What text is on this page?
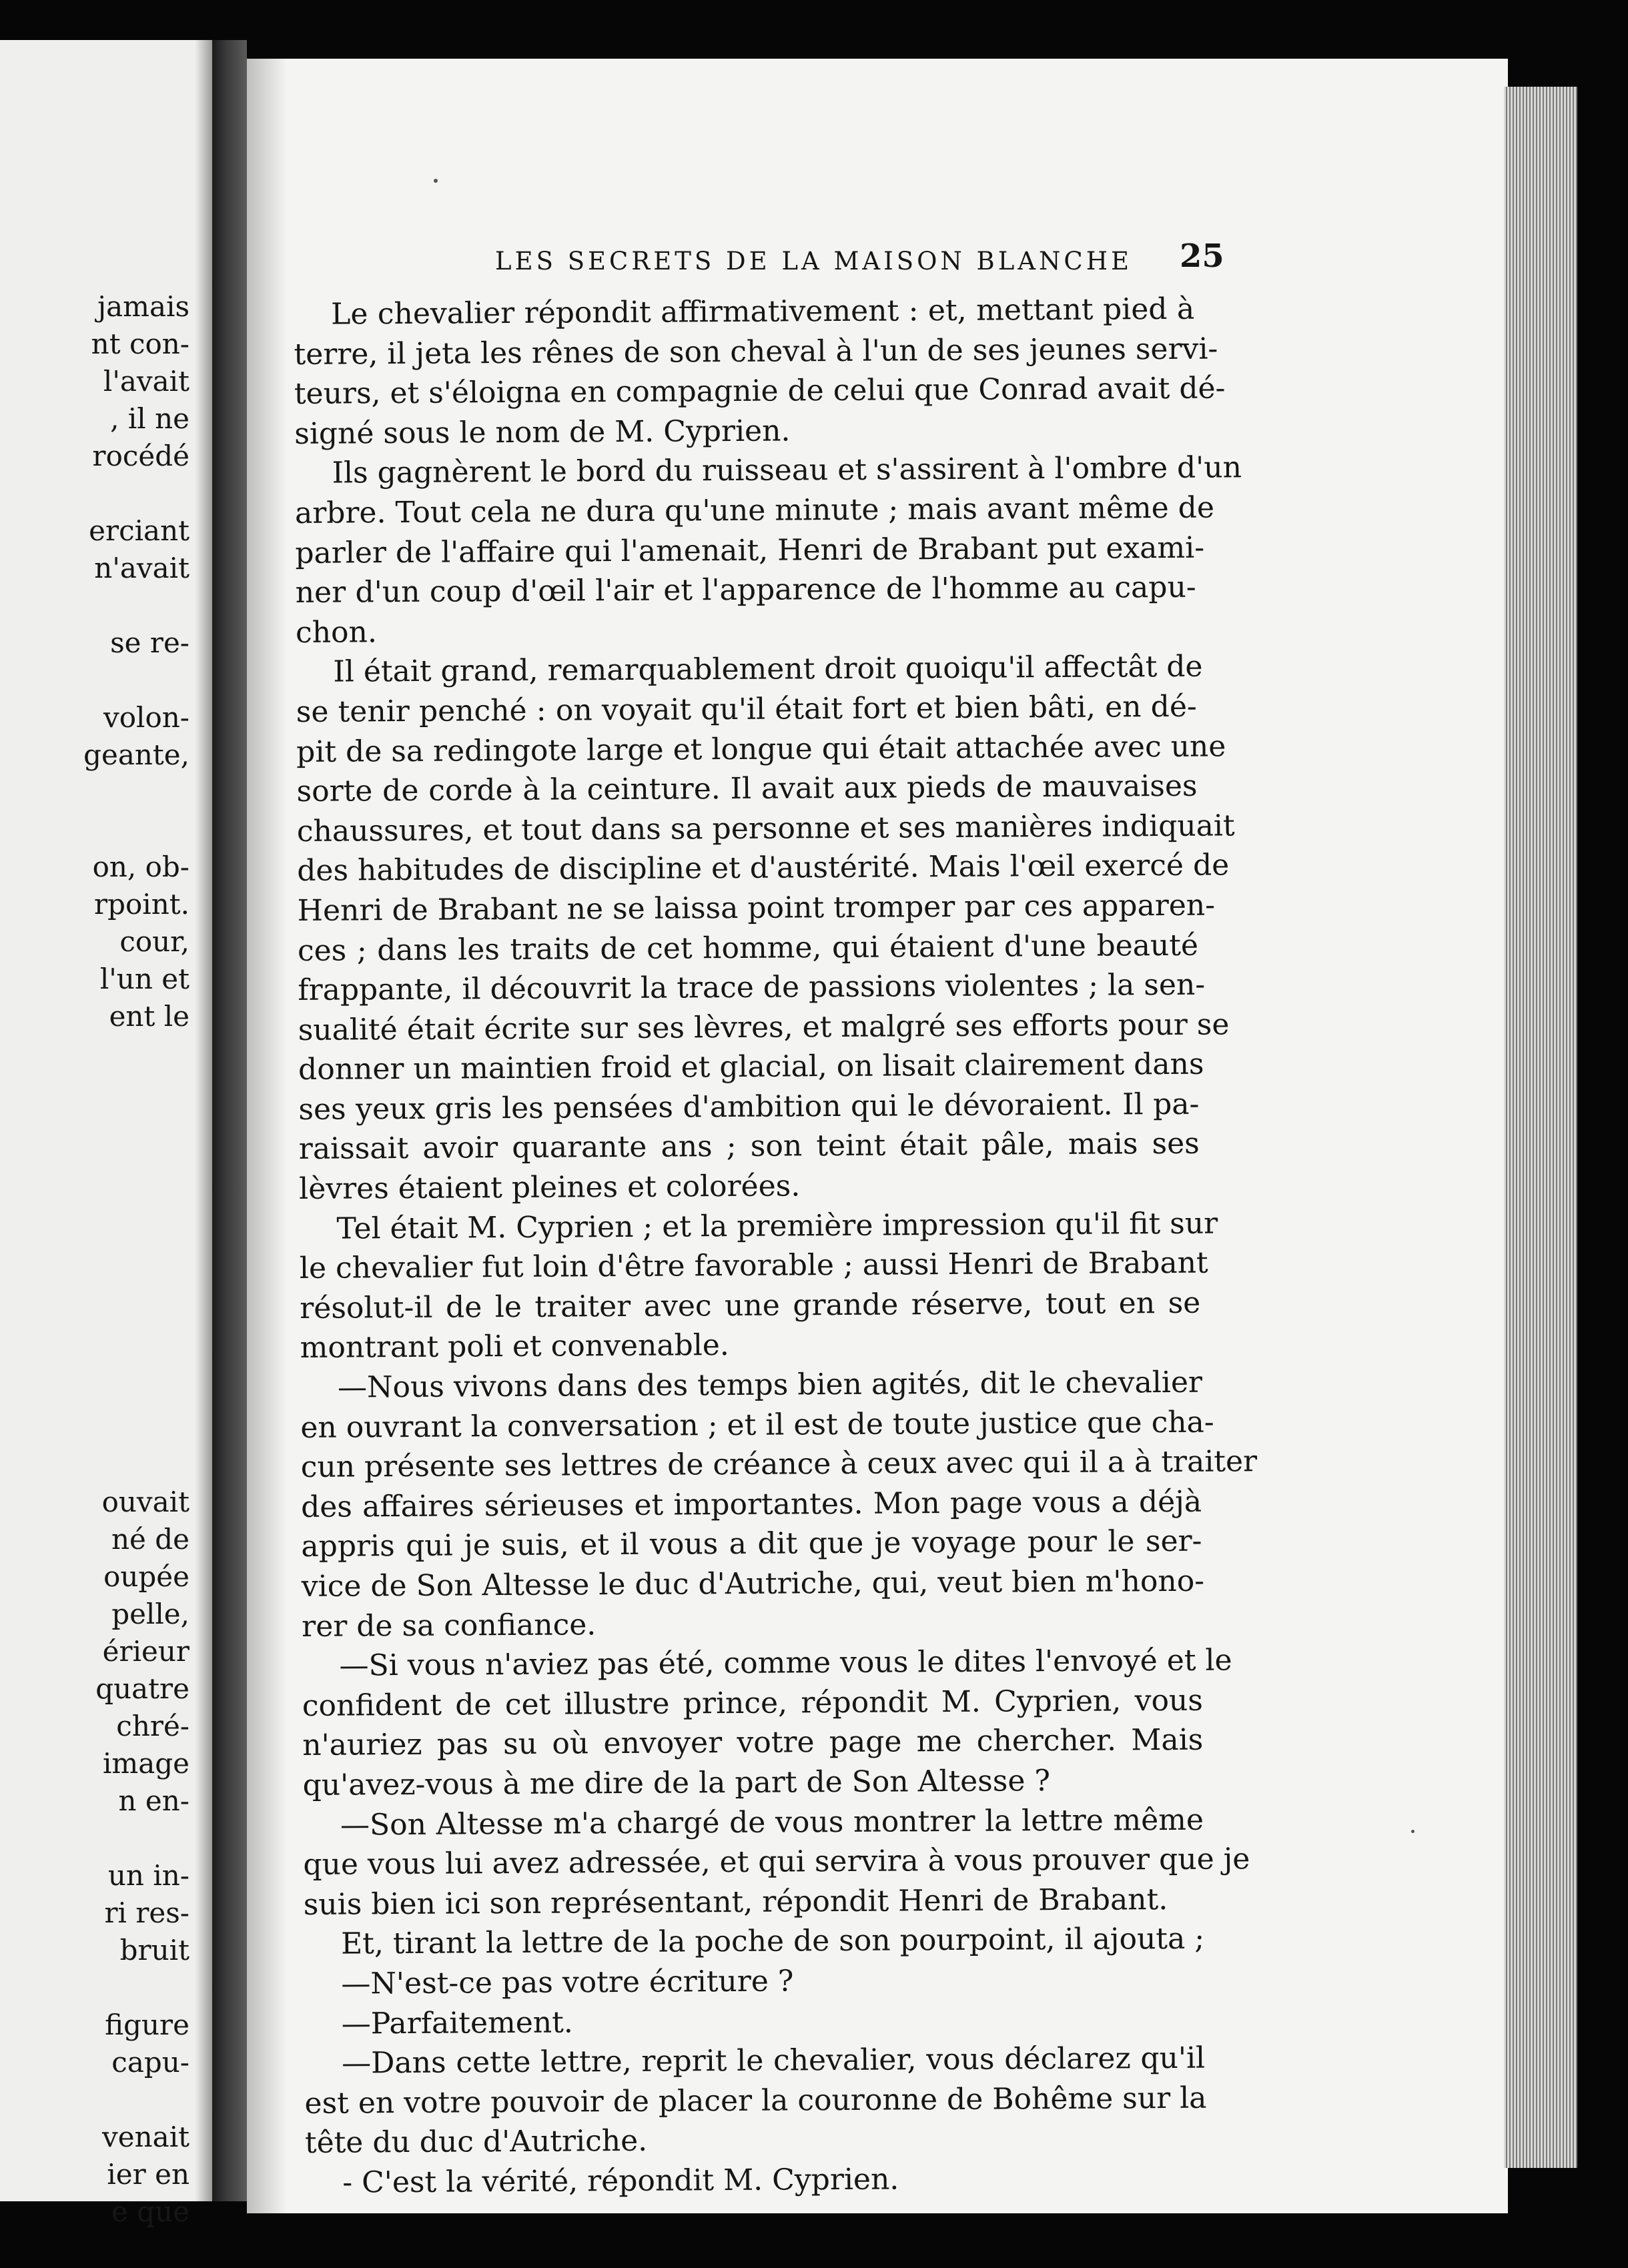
jamais
nt con-
l'avait
, il ne
rocédé
erciant
n'avait
se re-
volon-
geante,
on, ob-
rpoint.
cour,
l'un et
ent le
ouvait
né de
oupée
pelle,
érieur
quatre
chré-
image
n en-
un in-
ri res-
bruit
figure
capu-
venait
ier en
e que
LES SECRETS DE LA MAISON BLANCHE	25
Le chevalier répondit affirmativement : et, mettant pied à
terre, il jeta les rênes de son cheval à l'un de ses jeunes servi-
teurs, et s'éloigna en compagnie de celui que Conrad avait dé-
signé sous le nom de M. Cyprien.
Ils gagnèrent le bord du ruisseau et s'assirent à l'ombre d'un
arbre. Tout cela ne dura qu'une minute ; mais avant même de
parler de l'affaire qui l'amenait, Henri de Brabant put exami-
ner d'un coup d'œil l'air et l'apparence de l'homme au capu-
chon.
Il était grand, remarquablement droit quoiqu'il affectât de
se tenir penché : on voyait qu'il était fort et bien bâti, en dé-
pit de sa redingote large et longue qui était attachée avec une
sorte de corde à la ceinture. Il avait aux pieds de mauvaises
chaussures, et tout dans sa personne et ses manières indiquait
des habitudes de discipline et d'austérité. Mais l'œil exercé de
Henri de Brabant ne se laissa point tromper par ces apparen-
ces ; dans les traits de cet homme, qui étaient d'une beauté
frappante, il découvrit la trace de passions violentes ; la sen-
sualité était écrite sur ses lèvres, et malgré ses efforts pour se
donner un maintien froid et glacial, on lisait clairement dans
ses yeux gris les pensées d'ambition qui le dévoraient. Il pa-
raissait avoir quarante ans ; son teint était pâle, mais ses
lèvres étaient pleines et colorées.
Tel était M. Cyprien ; et la première impression qu'il fit sur
le chevalier fut loin d'être favorable ; aussi Henri de Brabant
résolut-il de le traiter avec une grande réserve, tout en se
montrant poli et convenable.
—Nous vivons dans des temps bien agités, dit le chevalier
en ouvrant la conversation ; et il est de toute justice que cha-
cun présente ses lettres de créance à ceux avec qui il a à traiter
des affaires sérieuses et importantes. Mon page vous a déjà
appris qui je suis, et il vous a dit que je voyage pour le ser-
vice de Son Altesse le duc d'Autriche, qui, veut bien m'hono-
rer de sa confiance.
—Si vous n'aviez pas été, comme vous le dites l'envoyé et le
confident de cet illustre prince, répondit M. Cyprien, vous
n'auriez pas su où envoyer votre page me chercher. Mais
qu'avez-vous à me dire de la part de Son Altesse ?
—Son Altesse m'a chargé de vous montrer la lettre même
que vous lui avez adressée, et qui servira à vous prouver que je
suis bien ici son représentant, répondit Henri de Brabant.
Et, tirant la lettre de la poche de son pourpoint, il ajouta ;
—N'est-ce pas votre écriture ?
—Parfaitement.
—Dans cette lettre, reprit le chevalier, vous déclarez qu'il
est en votre pouvoir de placer la couronne de Bohême sur la
tête du duc d'Autriche.
- C'est la vérité, répondit M. Cyprien.
